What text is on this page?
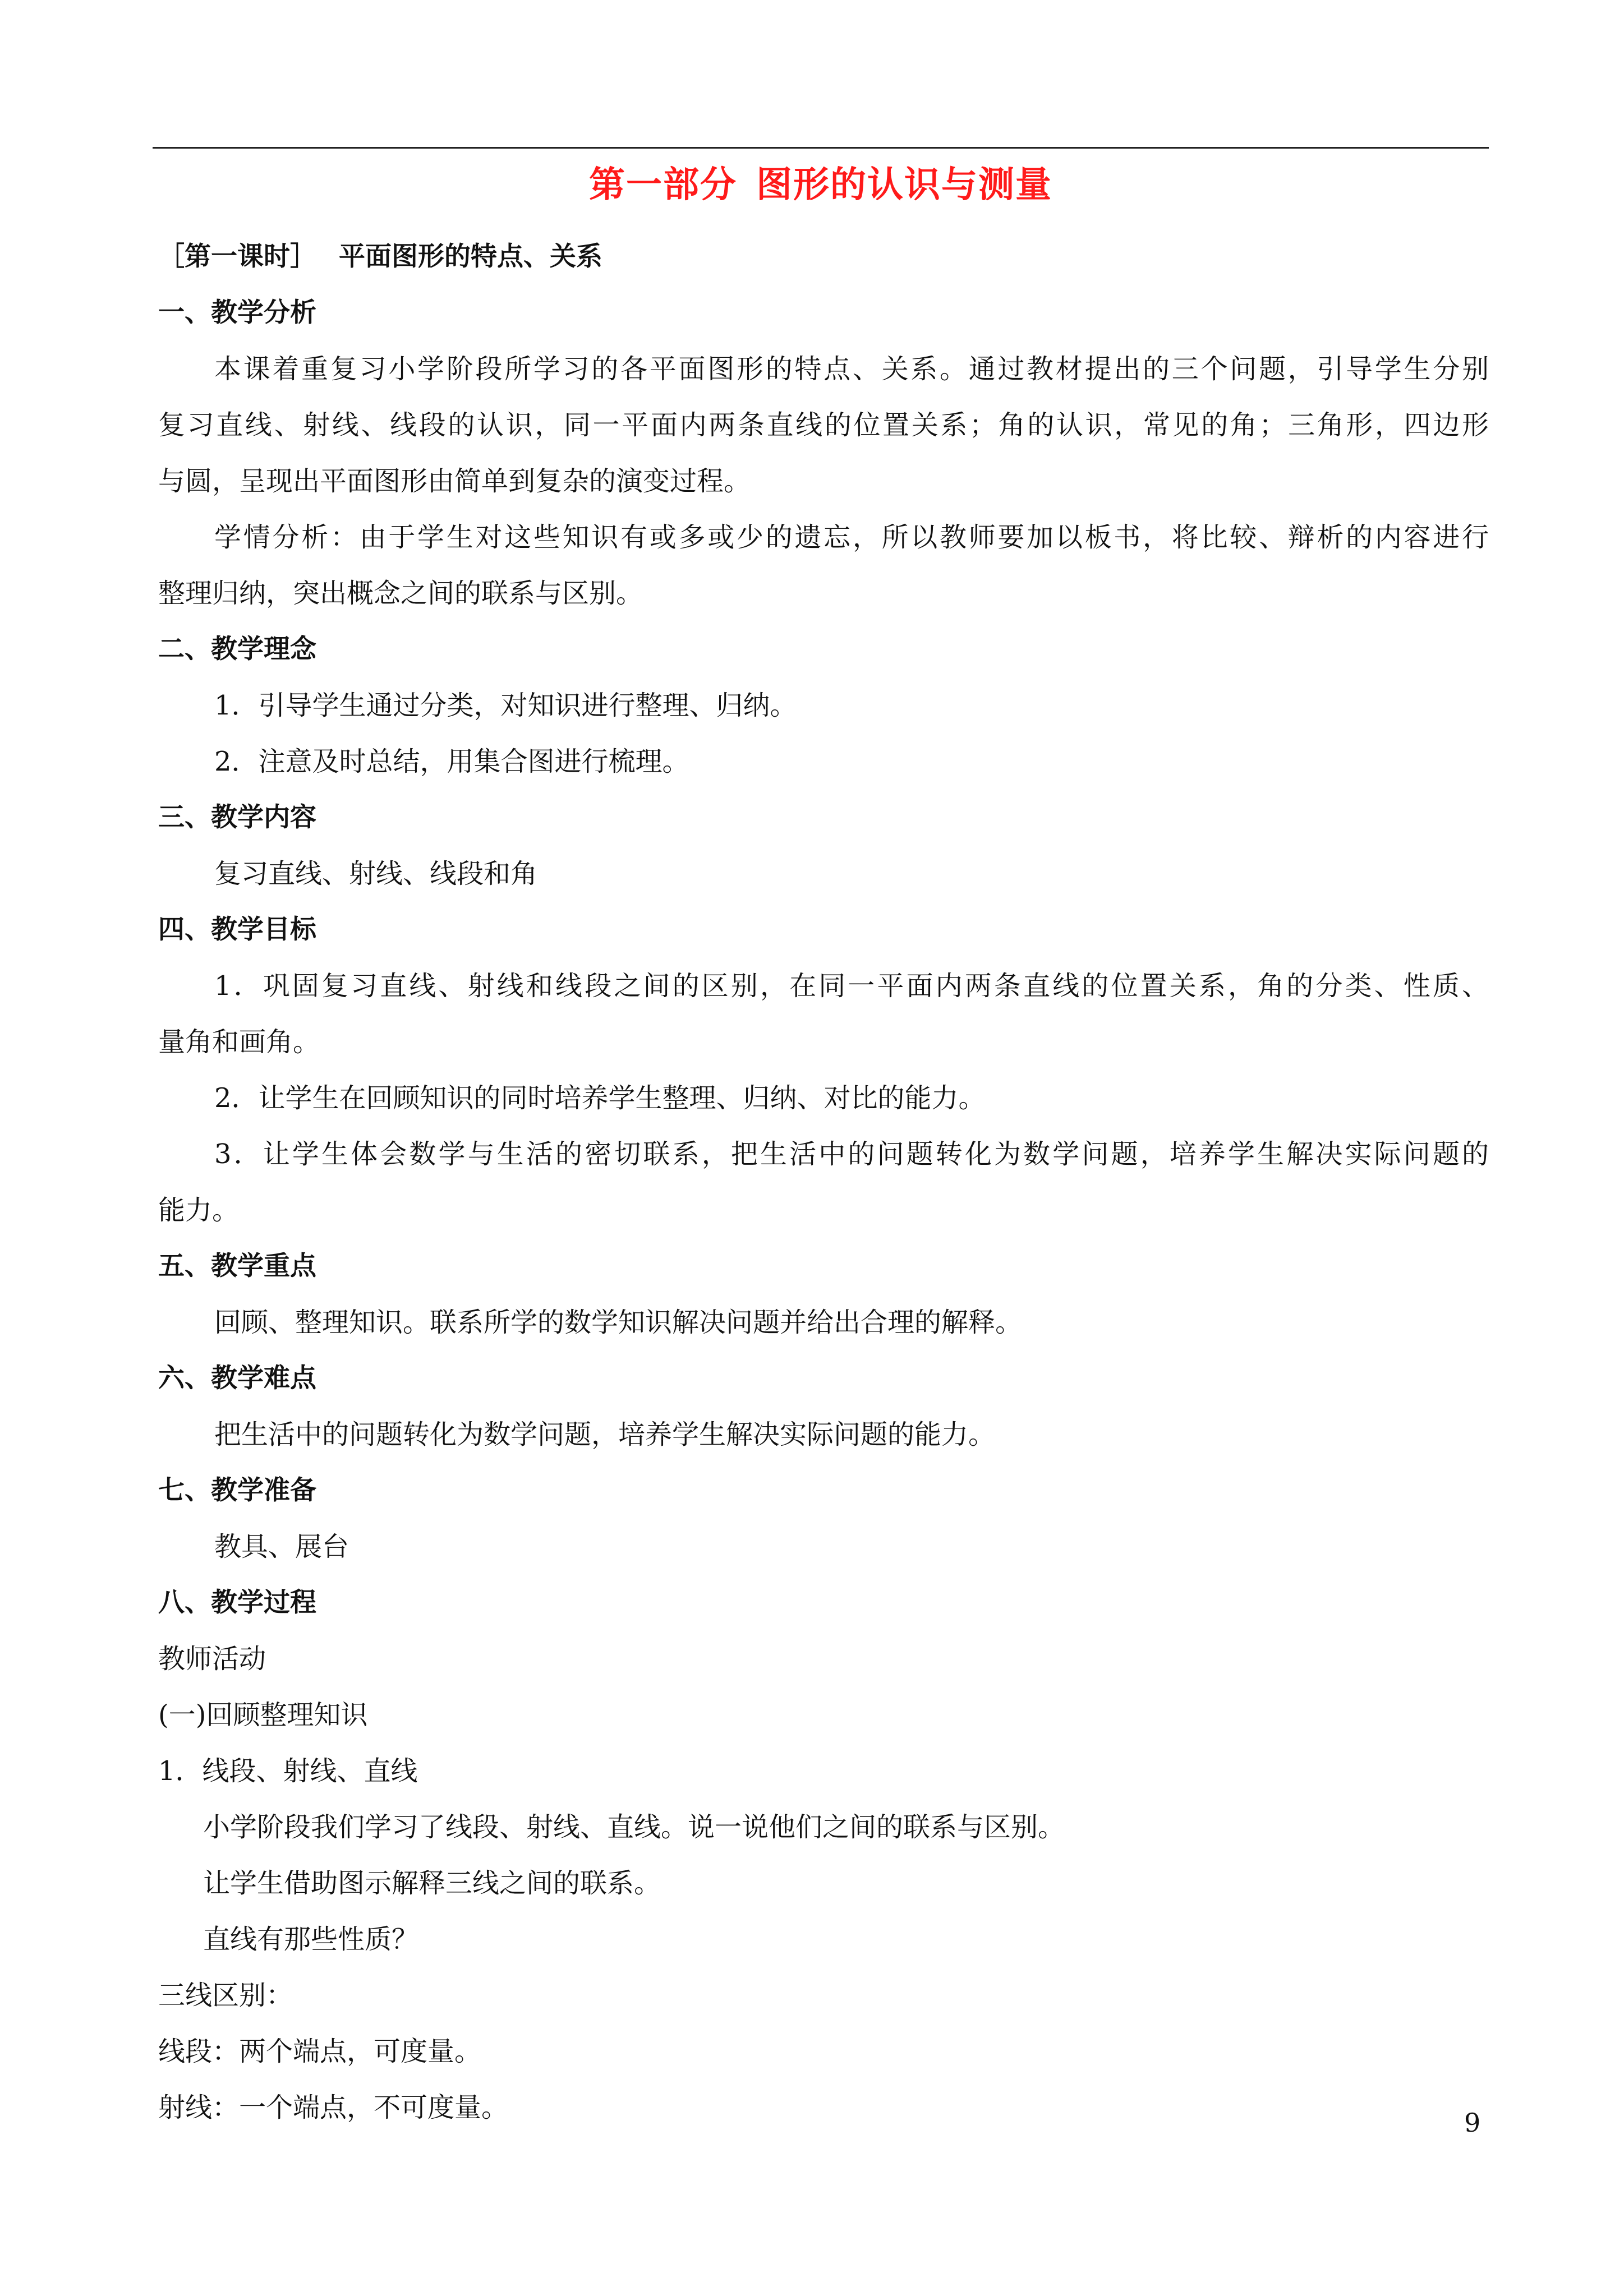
第一部分 图形的认识与测量
［第一课时］ 平面图形的特点、关系
一、教学分析
本课着重复习小学阶段所学习的各平面图形的特点、关系。通过教材提出的三个问题，引导学生分别
复习直线、射线、线段的认识，同一平面内两条直线的位置关系；角的认识，常见的角；三角形，四边形
与圆，呈现出平面图形由简单到复杂的演变过程。
学情分析：由于学生对这些知识有或多或少的遗忘，所以教师要加以板书，将比较、辩析的内容进行
整理归纳，突出概念之间的联系与区别。
二、教学理念
1．引导学生通过分类，对知识进行整理、归纳。
2．注意及时总结，用集合图进行梳理。
三、教学内容
复习直线、射线、线段和角
四、教学目标
1．巩固复习直线、射线和线段之间的区别，在同一平面内两条直线的位置关系，角的分类、性质、
量角和画角。
2．让学生在回顾知识的同时培养学生整理、归纳、对比的能力。
3．让学生体会数学与生活的密切联系，把生活中的问题转化为数学问题，培养学生解决实际问题的
能力。
五、教学重点
回顾、整理知识。联系所学的数学知识解决问题并给出合理的解释。
六、教学难点
把生活中的问题转化为数学问题，培养学生解决实际问题的能力。
七、教学准备
教具、展台
八、教学过程
教师活动
(一)回顾整理知识
1．线段、射线、直线
小学阶段我们学习了线段、射线、直线。说一说他们之间的联系与区别。
让学生借助图示解释三线之间的联系。
直线有那些性质？
三线区别：
线段：两个端点，可度量。
射线：一个端点，不可度量。	9
